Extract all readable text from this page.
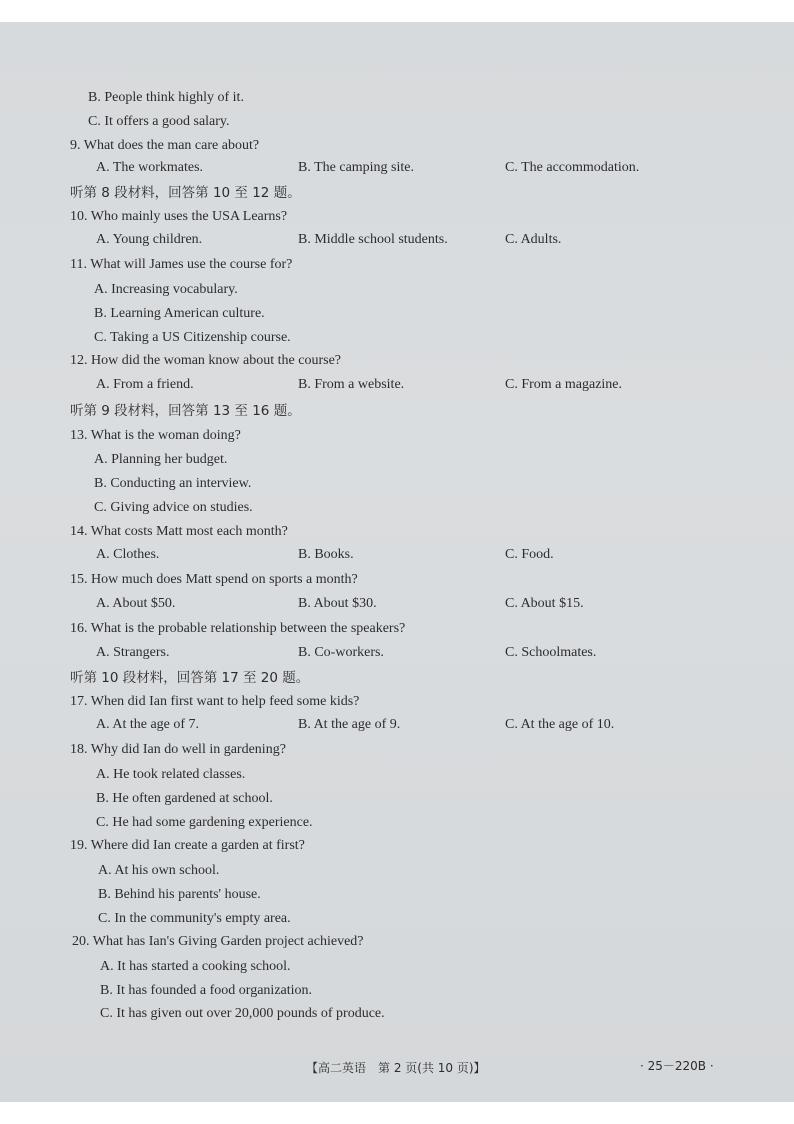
B. People think highly of it.
C. It offers a good salary.
9. What does the man care about?
A. The workmates.	B. The camping site.	C. The accommodation.
听第 8 段材料，回答第 10 至 12 题。
10. Who mainly uses the USA Learns?
A. Young children.	B. Middle school students.	C. Adults.
11. What will James use the course for?
A. Increasing vocabulary.
B. Learning American culture.
C. Taking a US Citizenship course.
12. How did the woman know about the course?
A. From a friend.	B. From a website.	C. From a magazine.
听第 9 段材料，回答第 13 至 16 题。
13. What is the woman doing?
A. Planning her budget.
B. Conducting an interview.
C. Giving advice on studies.
14. What costs Matt most each month?
A. Clothes.	B. Books.	C. Food.
15. How much does Matt spend on sports a month?
A. About $50.	B. About $30.	C. About $15.
16. What is the probable relationship between the speakers?
A. Strangers.	B. Co-workers.	C. Schoolmates.
听第 10 段材料，回答第 17 至 20 题。
17. When did Ian first want to help feed some kids?
A. At the age of 7.	B. At the age of 9.	C. At the age of 10.
18. Why did Ian do well in gardening?
A. He took related classes.
B. He often gardened at school.
C. He had some gardening experience.
19. Where did Ian create a garden at first?
A. At his own school.
B. Behind his parents' house.
C. In the community's empty area.
20. What has Ian's Giving Garden project achieved?
A. It has started a cooking school.
B. It has founded a food organization.
C. It has given out over 20,000 pounds of produce.
【高二英语　第 2 页(共 10 页)】	· 25－220B ·
